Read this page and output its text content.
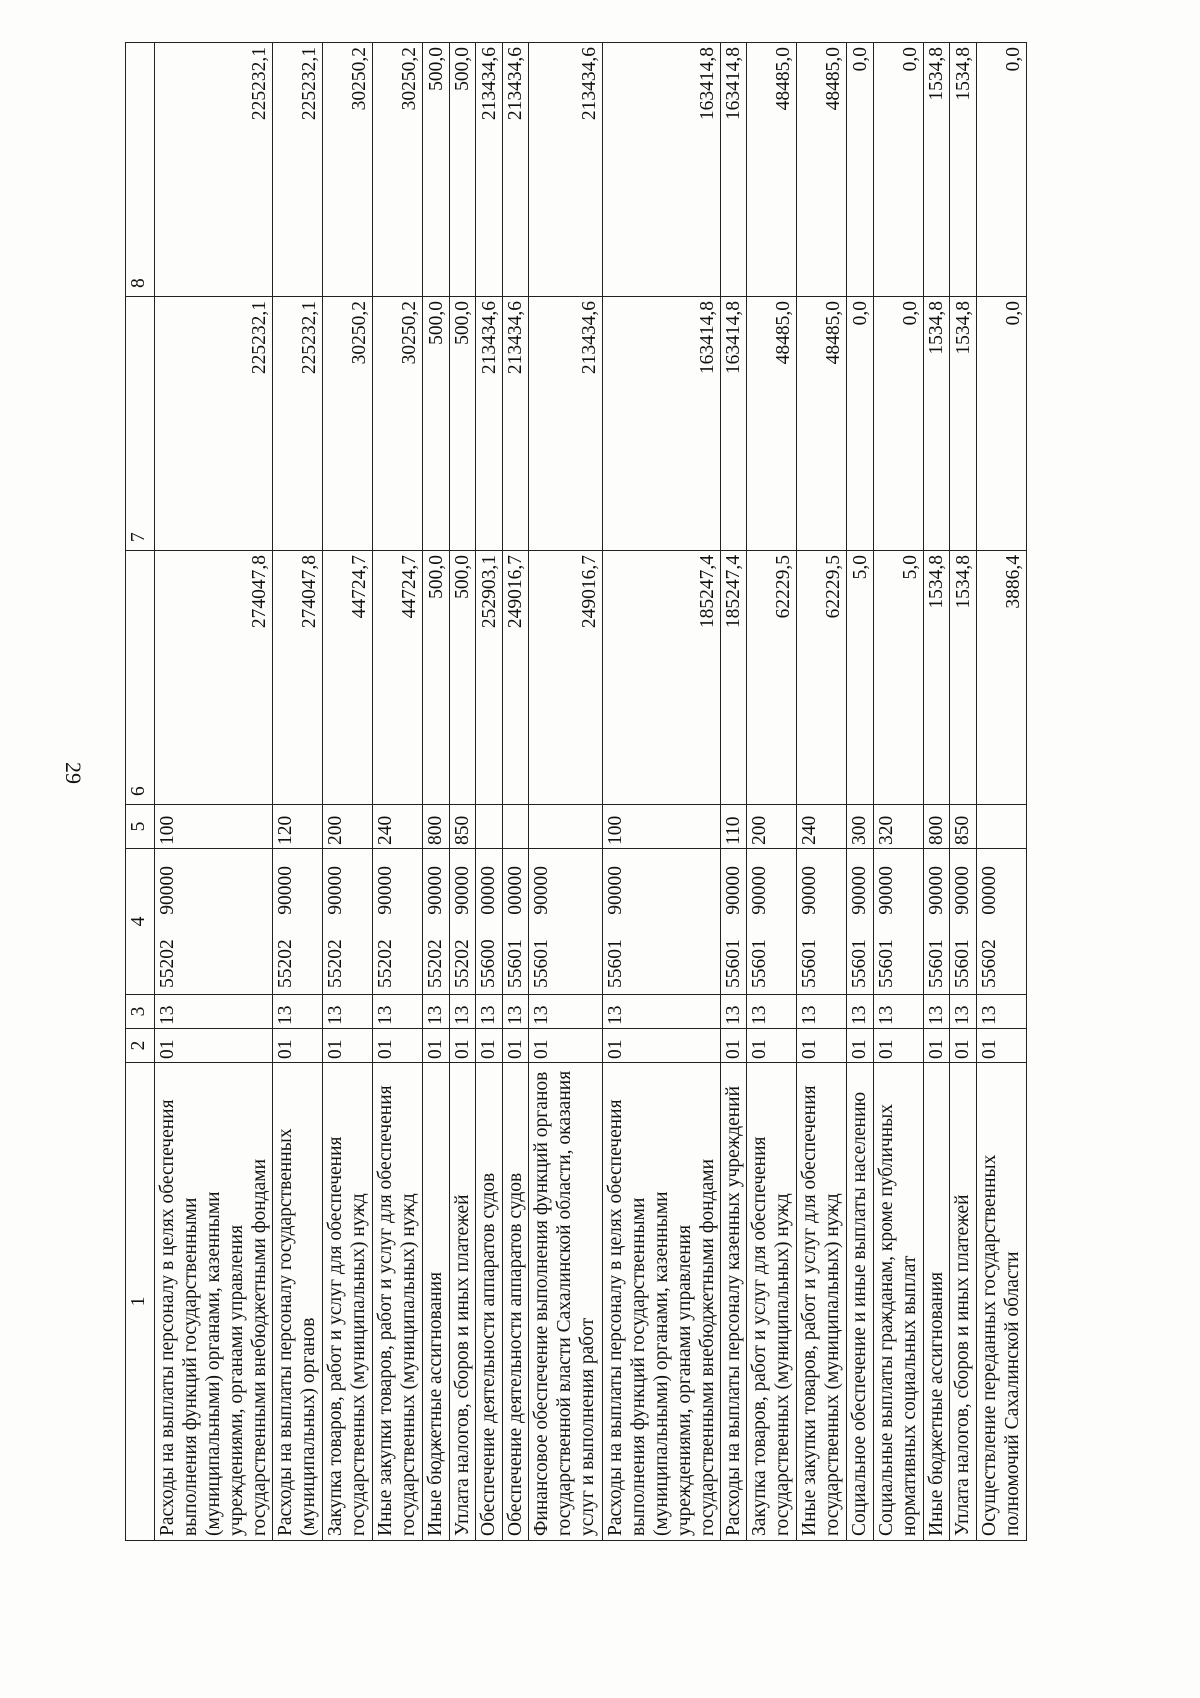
29
1	2	3	4	5	6	7	8
Расходы на выплаты персоналу в целях обеспечения выполнения функций государственными (муниципальными) органами, казенными учреждениями, органами управления государственными внебюджетными фондами	01	13	5520290000	100	274047,8	225232,1	225232,1
Расходы на выплаты персоналу государственных (муниципальных) органов	01	13	5520290000	120	274047,8	225232,1	225232,1
Закупка товаров, работ и услуг для обеспечения государственных (муниципальных) нужд	01	13	5520290000	200	44724,7	30250,2	30250,2
Иные закупки товаров, работ и услуг для обеспечения государственных (муниципальных) нужд	01	13	5520290000	240	44724,7	30250,2	30250,2
Иные бюджетные ассигнования	01	13	5520290000	800	500,0	500,0	500,0
Уплата налогов, сборов и иных платежей	01	13	5520290000	850	500,0	500,0	500,0
Обеспечение деятельности аппаратов судов	01	13	5560000000		252903,1	213434,6	213434,6
Обеспечение деятельности аппаратов судов	01	13	5560100000		249016,7	213434,6	213434,6
Финансовое обеспечение выполнения функций органов государственной власти Сахалинской области, оказания услуг и выполнения работ	01	13	5560190000		249016,7	213434,6	213434,6
Расходы на выплаты персоналу в целях обеспечения выполнения функций государственными (муниципальными) органами, казенными учреждениями, органами управления государственными внебюджетными фондами	01	13	5560190000	100	185247,4	163414,8	163414,8
Расходы на выплаты персоналу казенных учреждений	01	13	5560190000	110	185247,4	163414,8	163414,8
Закупка товаров, работ и услуг для обеспечения государственных (муниципальных) нужд	01	13	5560190000	200	62229,5	48485,0	48485,0
Иные закупки товаров, работ и услуг для обеспечения государственных (муниципальных) нужд	01	13	5560190000	240	62229,5	48485,0	48485,0
Социальное обеспечение и иные выплаты населению	01	13	5560190000	300	5,0	0,0	0,0
Социальные выплаты гражданам, кроме публичных нормативных социальных выплат	01	13	5560190000	320	5,0	0,0	0,0
Иные бюджетные ассигнования	01	13	5560190000	800	1534,8	1534,8	1534,8
Уплата налогов, сборов и иных платежей	01	13	5560190000	850	1534,8	1534,8	1534,8
Осуществление переданных государственных полномочий Сахалинской области	01	13	5560200000		3886,4	0,0	0,0
